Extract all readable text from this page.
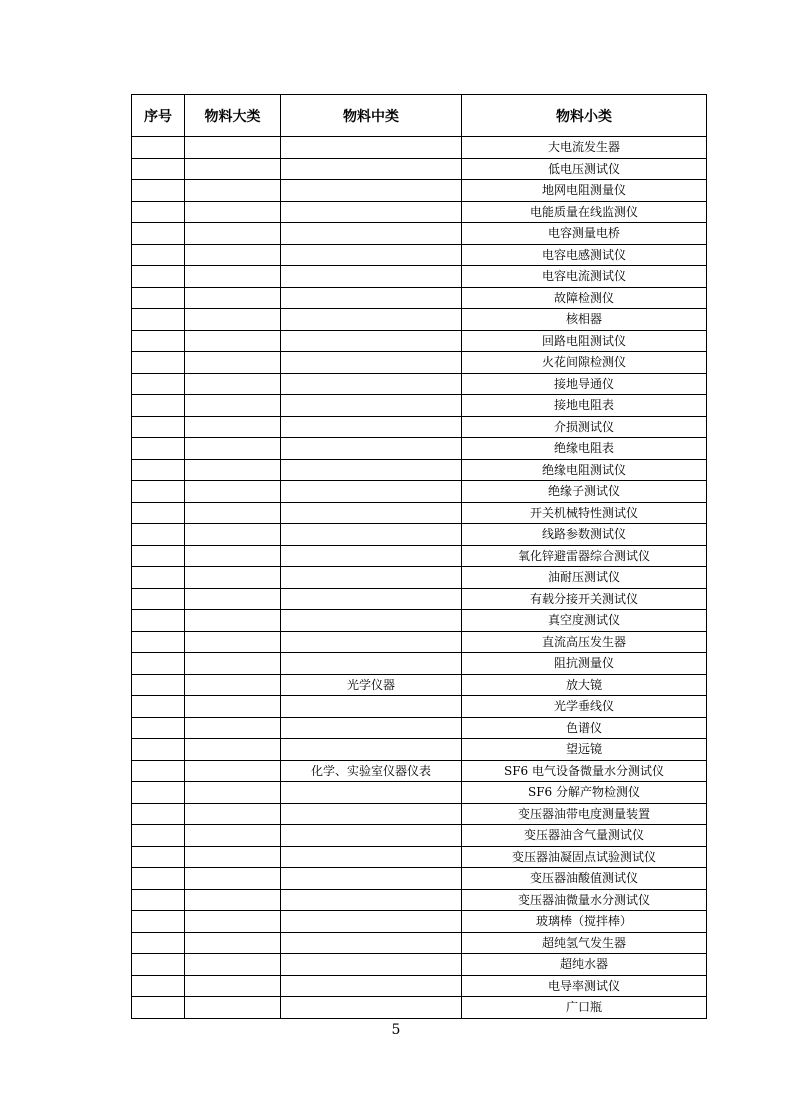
序号	物料大类	物料中类	物料小类
			大电流发生器
			低电压测试仪
			地网电阻测量仪
			电能质量在线监测仪
			电容测量电桥
			电容电感测试仪
			电容电流测试仪
			故障检测仪
			核相器
			回路电阻测试仪
			火花间隙检测仪
			接地导通仪
			接地电阻表
			介损测试仪
			绝缘电阻表
			绝缘电阻测试仪
			绝缘子测试仪
			开关机械特性测试仪
			线路参数测试仪
			氧化锌避雷器综合测试仪
			油耐压测试仪
			有载分接开关测试仪
			真空度测试仪
			直流高压发生器
			阻抗测量仪
		光学仪器	放大镜
			光学垂线仪
			色谱仪
			望远镜
		化学、实验室仪器仪表	SF6 电气设备微量水分测试仪
			SF6 分解产物检测仪
			变压器油带电度测量装置
			变压器油含气量测试仪
			变压器油凝固点试验测试仪
			变压器油酸值测试仪
			变压器油微量水分测试仪
			玻璃棒（搅拌棒）
			超纯氢气发生器
			超纯水器
			电导率测试仪
			广口瓶
5
